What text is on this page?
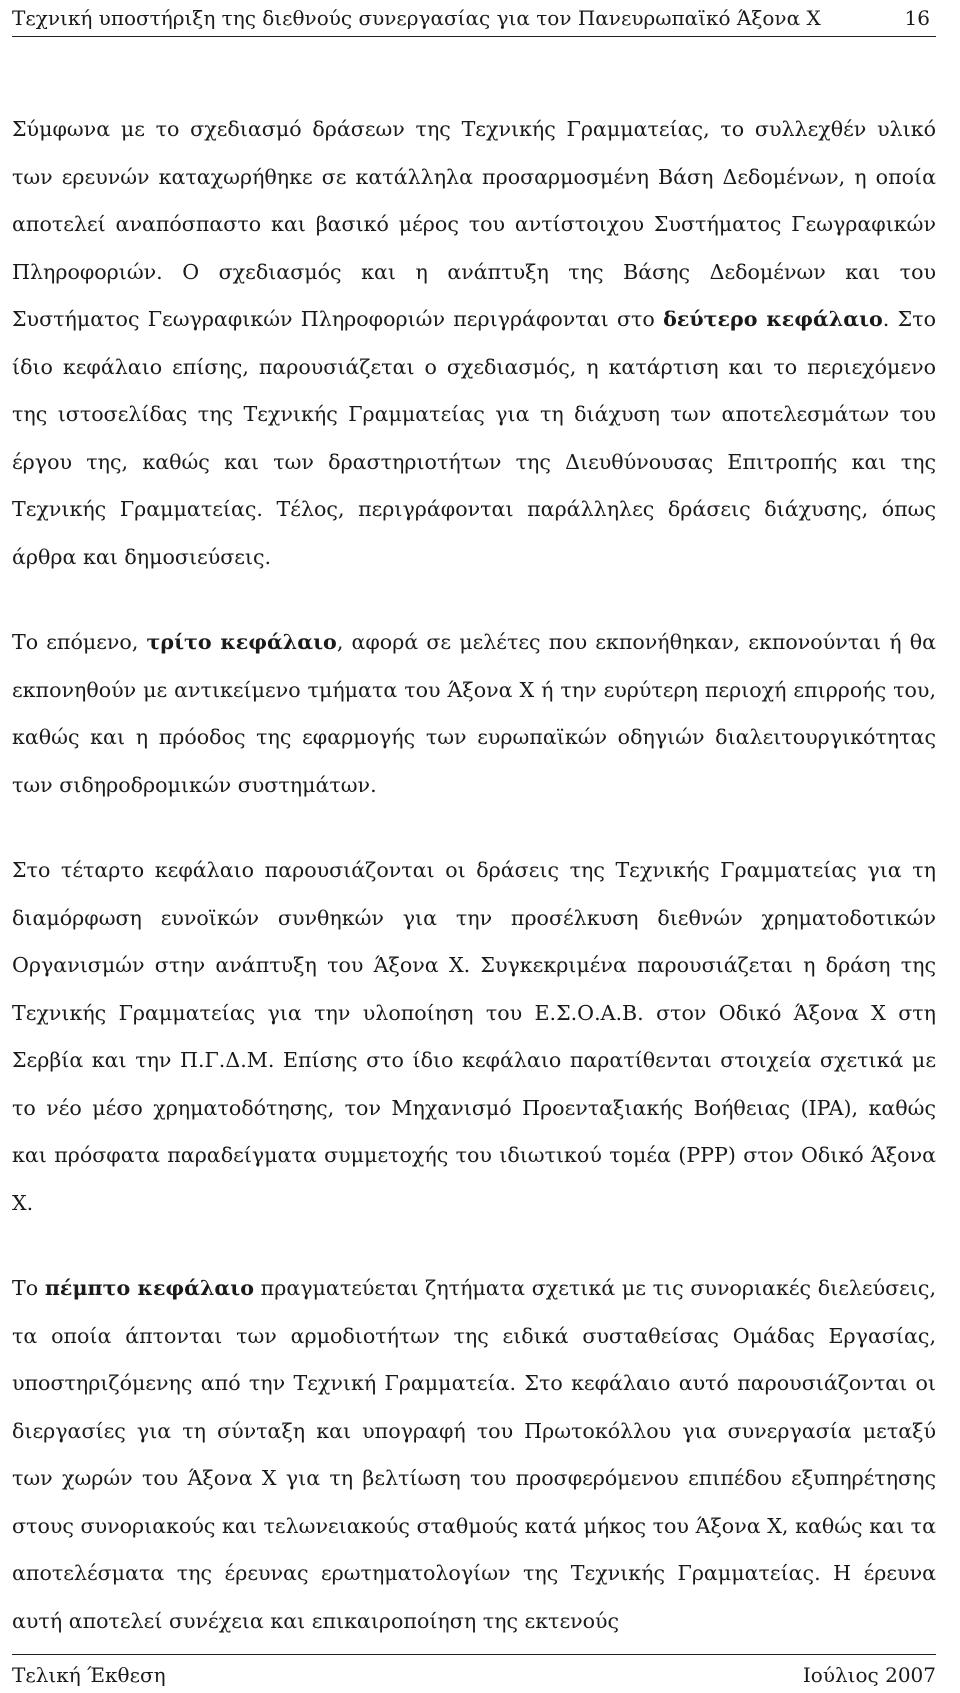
Τεχνική υποστήριξη της διεθνούς συνεργασίας για τον Πανευρωπαϊκό Άξονα Χ	16

Σύμφωνα με το σχεδιασμό δράσεων της Τεχνικής Γραμματείας, το συλλεχθέν υλικό των ερευνών καταχωρήθηκε σε κατάλληλα προσαρμοσμένη Βάση Δεδομένων, η οποία αποτελεί αναπόσπαστο και βασικό μέρος του αντίστοιχου Συστήματος Γεωγραφικών Πληροφοριών. Ο σχεδιασμός και η ανάπτυξη της Βάσης Δεδομένων και του Συστήματος Γεωγραφικών Πληροφοριών περιγράφονται στο δεύτερο κεφάλαιο. Στο ίδιο κεφάλαιο επίσης, παρουσιάζεται ο σχεδιασμός, η κατάρτιση και το περιεχόμενο της ιστοσελίδας της Τεχνικής Γραμματείας για τη διάχυση των αποτελεσμάτων του έργου της, καθώς και των δραστηριοτήτων της Διευθύνουσας Επιτροπής και της Τεχνικής Γραμματείας. Τέλος, περιγράφονται παράλληλες δράσεις διάχυσης, όπως άρθρα και δημοσιεύσεις.

Το επόμενο, τρίτο κεφάλαιο, αφορά σε μελέτες που εκπονήθηκαν, εκπονούνται ή θα εκπονηθούν με αντικείμενο τμήματα του Άξονα Χ ή την ευρύτερη περιοχή επιρροής του, καθώς και η πρόοδος της εφαρμογής των ευρωπαϊκών οδηγιών διαλειτουργικότητας των σιδηροδρομικών συστημάτων.

Στο τέταρτο κεφάλαιο παρουσιάζονται οι δράσεις της Τεχνικής Γραμματείας για τη διαμόρφωση ευνοϊκών συνθηκών για την προσέλκυση διεθνών χρηματοδοτικών Οργανισμών στην ανάπτυξη του Άξονα Χ. Συγκεκριμένα παρουσιάζεται η δράση της Τεχνικής Γραμματείας για την υλοποίηση του Ε.Σ.Ο.Α.Β. στον Οδικό Άξονα Χ στη Σερβία και την Π.Γ.Δ.Μ. Επίσης στο ίδιο κεφάλαιο παρατίθενται στοιχεία σχετικά με το νέο μέσο χρηματοδότησης, τον Μηχανισμό Προενταξιακής Βοήθειας (IPA), καθώς και πρόσφατα παραδείγματα συμμετοχής του ιδιωτικού τομέα (PPP) στον Οδικό Άξονα Χ.

Το πέμπτο κεφάλαιο πραγματεύεται ζητήματα σχετικά με τις συνοριακές διελεύσεις, τα οποία άπτονται των αρμοδιοτήτων της ειδικά συσταθείσας Ομάδας Εργασίας, υποστηριζόμενης από την Τεχνική Γραμματεία. Στο κεφάλαιο αυτό παρουσιάζονται οι διεργασίες για τη σύνταξη και υπογραφή του Πρωτοκόλλου για συνεργασία μεταξύ των χωρών του Άξονα Χ για τη βελτίωση του προσφερόμενου επιπέδου εξυπηρέτησης στους συνοριακούς και τελωνειακούς σταθμούς κατά μήκος του Άξονα Χ, καθώς και τα αποτελέσματα της έρευνας ερωτηματολογίων της Τεχνικής Γραμματείας. Η έρευνα αυτή αποτελεί συνέχεια και επικαιροποίηση της εκτενούς

Τελική Έκθεση	Ιούλιος 2007
